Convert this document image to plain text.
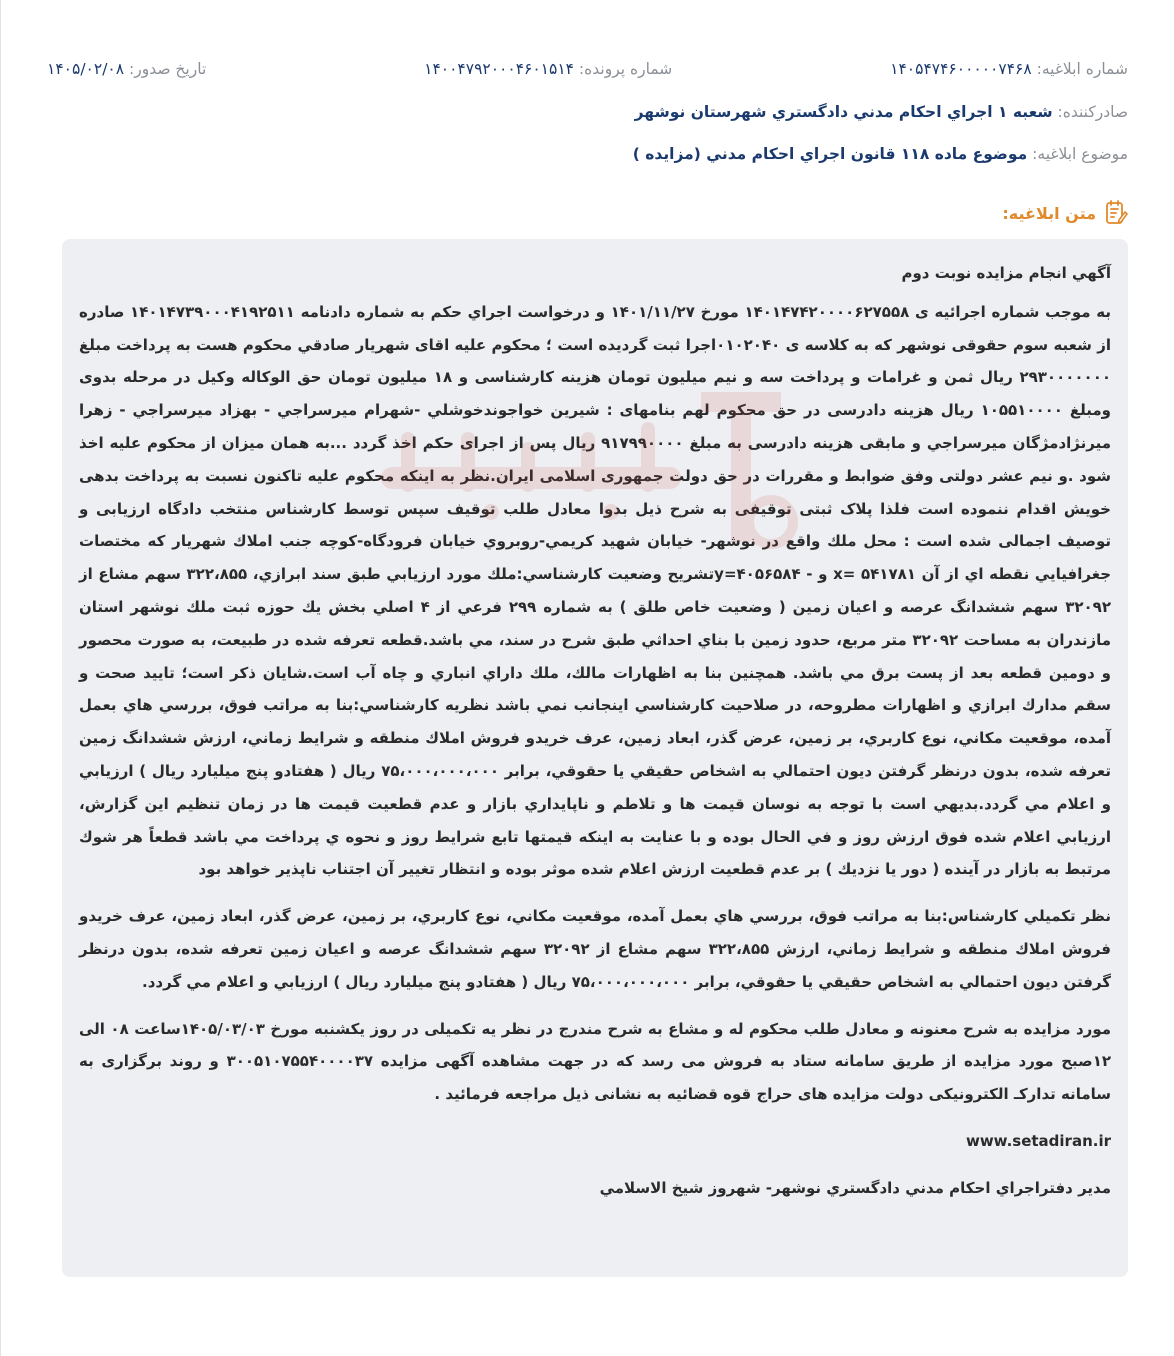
شماره ابلاغيه: ۱۴۰۵۴۷۴۶۰۰۰۰۰۷۴۶۸
شماره پرونده: ۱۴۰۰۴۷۹۲۰۰۰۴۶۰۱۵۱۴
تاريخ صدور: ۱۴۰۵/۰۲/۰۸
صادرکننده: شعبه ۱ اجراي احكام مدني دادگستري شهرستان نوشهر
موضوع ابلاغيه: موضوع ماده ۱۱۸ قانون اجراي احكام مدني (مزايده )
متن ابلاغيه:

آگهي انجام مزايده نوبت دوم

به موجب شماره اجرائيه ی ۱۴۰۱۴۷۴۲۰۰۰۰۶۲۷۵۵۸ مورخ ۱۴۰۱/۱۱/۲۷ و درخواست اجراي حكم به شماره دادنامه ۱۴۰۱۴۷۳۹۰۰۰۴۱۹۲۵۱۱ صادره از شعبه سوم حقوقی نوشهر که به کلاسه ی ۰۱۰۲۰۴۰اجرا ثبت گردیده است ؛ محكوم عليه اقای شهريار صادقي محكوم هست به پرداخت مبلغ ۲۹۳۰۰۰۰۰۰۰ ريال ثمن و غرامات و پرداخت سه و نيم ميليون تومان هزينه كارشناسی و ۱۸ ميليون تومان حق الوكاله وكيل در مرحله بدوی ومبلغ ۱۰۵۵۱۰۰۰۰ ريال هزينه دادرسی در حق محكوم لهم بنامهای : شيرين خواجوندخوشلي -شهرام ميرسراجي - بهزاد ميرسراجي - زهرا ميرنژادمژگان ميرسراجي و مابقی هزينه دادرسی به مبلغ ۹۱۷۹۹۰۰۰۰ ريال پس از اجرای حكم اخذ گردد ...به همان ميزان از محكوم عليه اخذ شود .و نيم عشر دولتی وفق ضوابط و مقررات در حق دولت جمهوری اسلامی ايران.نظر به اينكه محكوم عليه تاكنون نسبت به پرداخت بدهی خويش اقدام ننموده است فلذا پلاک ثبتی توقيفی به شرح ذيل بدوا معادل طلب توقيف سپس توسط كارشناس منتخب دادگاه ارزيابی و توصيف اجمالی شده است : محل ملك واقع در نوشهر- خيابان شهيد كريمي-روبروي خيابان فرودگاه-كوچه جنب املاك شهريار كه مختصات جغرافيايي نقطه اي از آن ۵۴۱۷۸۱ =x و - ۴۰۵۶۵۸۴=yتشريح وضعيت كارشناسي:ملك مورد ارزيابي طبق سند ابرازي، ۳۲۲،۸۵۵ سهم مشاع از ۳۲۰۹۲ سهم ششدانگ عرصه و اعيان زمين ( وضعيت خاص طلق ) به شماره ۲۹۹ فرعي از ۴ اصلي بخش يك حوزه ثبت ملك نوشهر استان مازندران به مساحت ۳۲۰۹۲ متر مربع، حدود زمين با بناي احداثي طبق شرح در سند، مي باشد.قطعه تعرفه شده در طبيعت، به صورت محصور و دومين قطعه بعد از پست برق مي باشد. همچنين بنا به اظهارات مالك، ملك داراي انباري و چاه آب است.شايان ذكر است؛ تاييد صحت و سقم مدارك ابرازي و اظهارات مطروحه، در صلاحيت كارشناسي اينجانب نمي باشد نظريه كارشناسي:بنا به مراتب فوق، بررسي هاي بعمل آمده، موقعيت مكاني، نوع كاربري، بر زمين، عرض گذر، ابعاد زمين، عرف خريدو فروش املاك منطقه و شرايط زماني، ارزش ششدانگ زمين تعرفه شده، بدون درنظر گرفتن ديون احتمالي به اشخاص حقيقي يا حقوقي، برابر ۷۵،۰۰۰،۰۰۰،۰۰۰ ريال ( هفتادو پنج ميليارد ريال ) ارزيابي و اعلام مي گردد.بديهي است با توجه به نوسان قيمت ها و تلاطم و ناپايداري بازار و عدم قطعيت قيمت ها در زمان تنظيم اين گزارش، ارزيابي اعلام شده فوق ارزش روز و في الحال بوده و با عنايت به اينكه قيمتها تابع شرايط روز و نحوه ي پرداخت مي باشد قطعاً هر شوك مرتبط به بازار در آينده ( دور يا نزديك ) بر عدم قطعيت ارزش اعلام شده موثر بوده و انتظار تغيير آن اجتناب ناپذير خواهد بود

نظر تكميلي كارشناس:بنا به مراتب فوق، بررسي هاي بعمل آمده، موقعيت مكاني، نوع كاربري، بر زمين، عرض گذر، ابعاد زمين، عرف خريدو فروش املاك منطقه و شرايط زماني، ارزش ۳۲۲،۸۵۵ سهم مشاع از ۳۲۰۹۲ سهم ششدانگ عرصه و اعيان زمين تعرفه شده، بدون درنظر گرفتن ديون احتمالي به اشخاص حقيقي يا حقوقي، برابر ۷۵،۰۰۰،۰۰۰،۰۰۰ ريال ( هفتادو پنج ميليارد ريال ) ارزيابي و اعلام مي گردد.

مورد مزايده به شرح معنونه و معادل طلب محكوم له و مشاع به شرح مندرج در نظر يه تكميلی در روز يكشنبه مورخ ۱۴۰۵/۰۳/۰۳ساعت ۰۸ الی ۱۲صبح مورد مزايده از طريق سامانه ستاد به فروش می رسد كه در جهت مشاهده آگهی مزايده ۳۰۰۵۱۰۷۵۵۴۰۰۰۰۳۷ و روند برگزاری به سامانه تداركـ الكترونيكی دولت مزايده های حراج قوه قضائيه به نشانی ذيل مراجعه فرمائيد .

www.setadiran.ir

مدير دفتراجراي احكام مدني دادگستري نوشهر- شهروز شيخ الاسلامي
